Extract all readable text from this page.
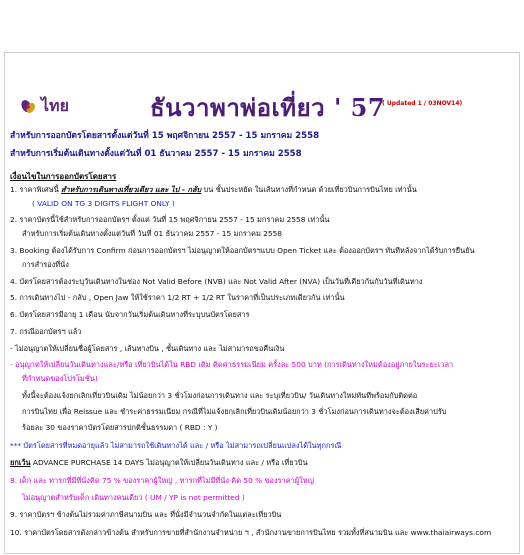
ไทย	ธันวาพาพ่อเที่ยว ' 57
( Updated 1 / 03NOV14)
สำหรับการออกบัตรโดยสารตั้งแต่วันที่ 15 พฤศจิกายน 2557 - 15 มกราคม 2558
สำหรับการเริ่มต้นเดินทางตั้งแต่วันที่ 01 ธันวาคม 2557 - 15 มกราคม 2558
เงื่อนไขในการออกบัตรโดยสาร
1. ราคาพิเศษนี้ สำหรับการเดินทางเที่ยวเดียว และ ไป - กลับ บน ชั้นประหยัด ในเส้นทางที่กำหนด ด้วยเที่ยวบินการบินไทย เท่านั้น
( VALID ON TG 3 DIGITS FLIGHT ONLY )
2. ราคาบัตรนี้ใช้สำหรับการออกบัตรฯ ตั้งแต่ วันที่ 15 พฤศจิกายน 2557 - 15 มกราคม 2558 เท่านั้น
สำหรับการเริ่มต้นเดินทางตั้งแต่วันที่ วันที่ 01 ธันวาคม 2557 - 15 มกราคม 2558
3. Booking ต้องได้รับการ Confirm ก่อนการออกบัตรฯ ไม่อนุญาตให้ออกบัตรฯแบบ Open Ticket และ ต้องออกบัตรฯ ทันทีหลังจากได้รับการยืนยัน
การสำรองที่นั่ง
4. บัตรโดยสารต้องระบุวันเดินทางในช่อง Not Valid Before (NVB) และ Not Valid After (NVA) เป็นวันที่เดียวกันกับวันที่เดินทาง
5. การเดินทางไป - กลับ , Open Jaw ให้ใช้ราคา 1/2 RT + 1/2 RT ในราคาที่เป็นประเภทเดียวกัน เท่านั้น
6. บัตรโดยสารมีอายุ 1 เดือน นับจากวันเริ่มต้นเดินทางที่ระบุบนบัตรโดยสาร
7. กรณีออกบัตรฯ แล้ว
- ไม่อนุญาตให้เปลี่ยนชื่อผู้โดยสาร , เส้นทางบิน , ชั้นเดินทาง และ ไม่สามารถขอคืนเงิน
- อนุญาตให้เปลี่ยนวันเดินทางและ/หรือ เที่ยวบินได้ใน RBD เดิม คิดค่าธรรมเนียม ครั้งละ 500 บาท (การเดินทางใหม่ต้องอยู่ภายในระยะเวลา
ที่กำหนดของโปรโมชั่น)
ทั้งนี้จะต้องแจ้งยกเลิกเที่ยวบินเดิม ไม่น้อยกว่า 3 ชั่วโมงก่อนการเดินทาง และ ระบุเที่ยวบิน/ วันเดินทางใหม่ทันทีพร้อมกับติดต่อ
การบินไทย เพื่อ Reissue และ ชำระค่าธรรมเนียม กรณีที่ไม่แจ้งยกเลิกเที่ยวบินเดิมน้อยกว่า 3 ชั่วโมงก่อนการเดินทางจะต้องเสียค่าปรับ
ร้อยละ 30 ของราคาบัตรโดยสารปกติชั้นธรรมดา ( RBD : Y )
*** บัตรโดยสารที่หมดอายุแล้ว ไม่สามารถใช้เดินทางได้ และ / หรือ ไม่สามารถเปลี่ยนแปลงได้ในทุกกรณี
ยกเว้น ADVANCE PURCHASE 14 DAYS ไม่อนุญาตให้เปลี่ยนวันเดินทาง และ / หรือ เที่ยวบิน
8. เด็ก และ ทารกที่มีที่นั่งคิด 75 % ของราคาผู้ใหญ่ , ทารกที่ไม่มีที่นั่ง คิด 50 % ของราคาผู้ใหญ่
ไม่อนุญาตสำหรับเด็ก เดินทางคนเดียว ( UM / YP is not permitted )
9. ราคาบัตรฯ ข้างต้นไม่รวมค่าภาษีสนามบิน และ ที่นั่งมีจำนวนจำกัดในแต่ละเที่ยวบิน
10. ราคาบัตรโดยสารดังกล่าวข้างต้น สำหรับการขายที่สำนักงานจำหน่าย ฯ , สำนักงานขายการบินไทย รวมทั้งที่สนามบิน และ www.thaiairways.com
